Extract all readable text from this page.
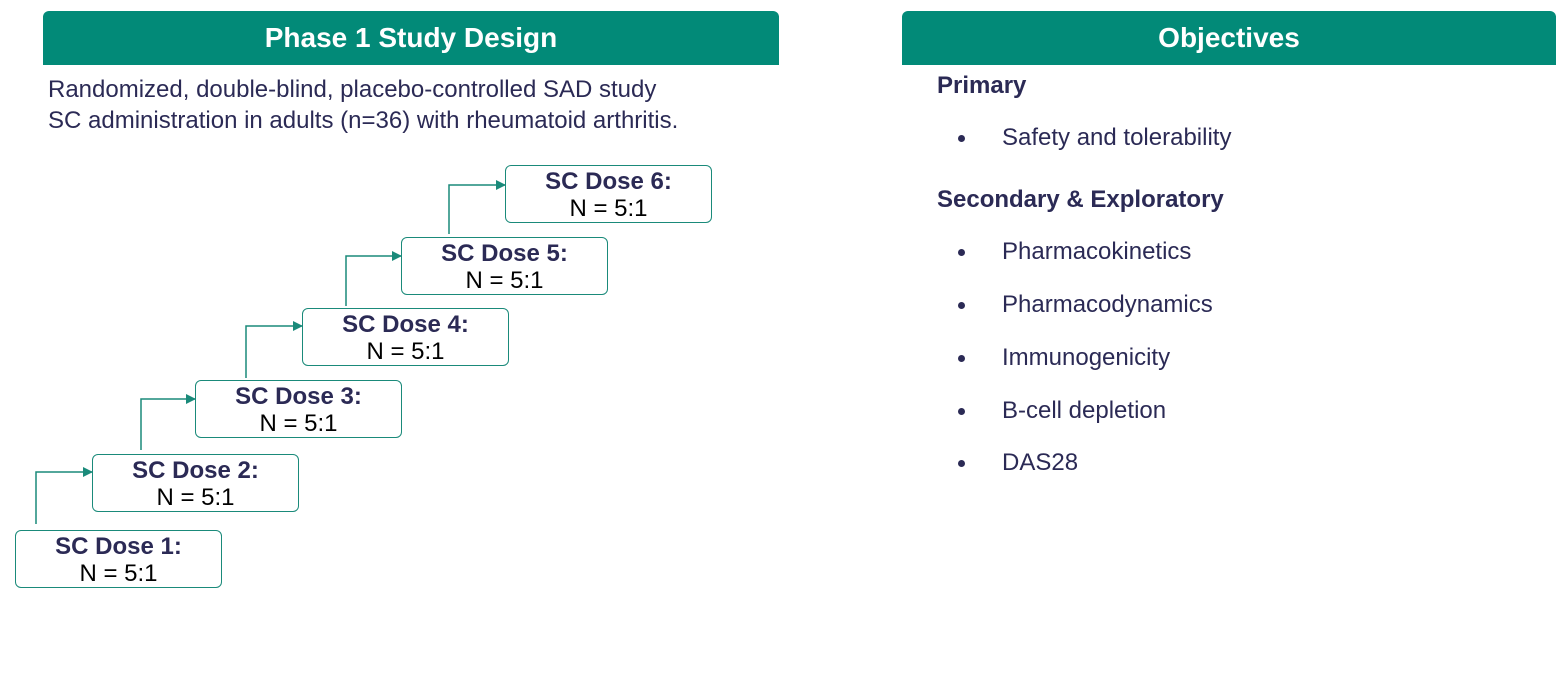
Phase 1 Study Design
Randomized, double-blind, placebo-controlled SAD study
SC administration in adults (n=36) with rheumatoid arthritis.
SC Dose 1:
N = 5:1
SC Dose 2:
N = 5:1
SC Dose 3:
N = 5:1
SC Dose 4:
N = 5:1
SC Dose 5:
N = 5:1
SC Dose 6:
N = 5:1
Objectives
Primary
Safety and tolerability
Secondary & Exploratory
Pharmacokinetics
Pharmacodynamics
Immunogenicity
B-cell depletion
DAS28
